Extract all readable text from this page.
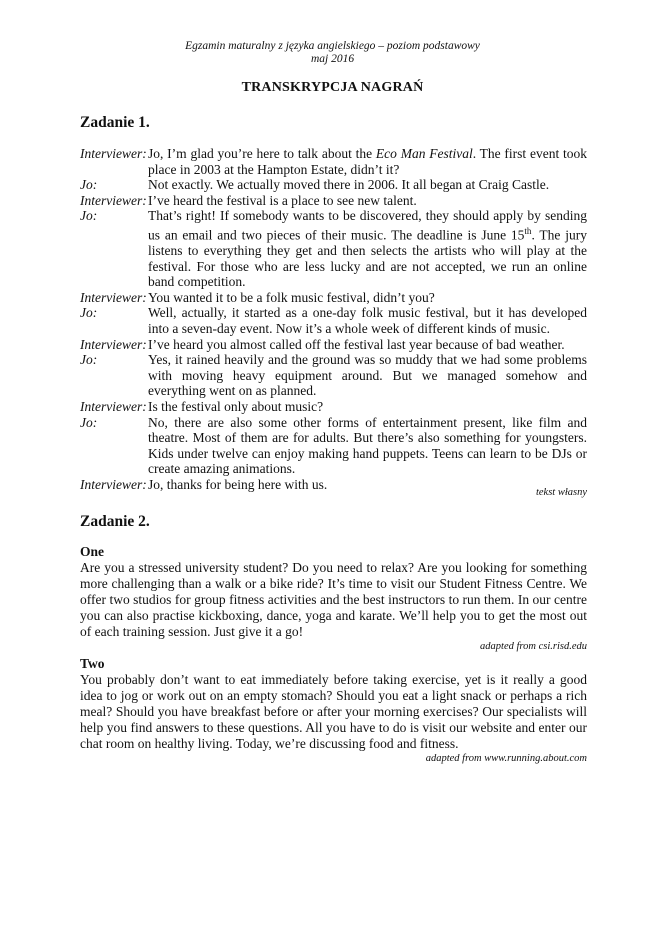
Egzamin maturalny z języka angielskiego – poziom podstawowy
maj 2016
TRANSKRYPCJA NAGRAŃ
Zadanie 1.
Interviewer: Jo, I’m glad you’re here to talk about the Eco Man Festival. The first event took place in 2003 at the Hampton Estate, didn’t it?
Jo:	Not exactly. We actually moved there in 2006. It all began at Craig Castle.
Interviewer: I’ve heard the festival is a place to see new talent.
Jo:	That’s right! If somebody wants to be discovered, they should apply by sending us an email and two pieces of their music. The deadline is June 15th. The jury listens to everything they get and then selects the artists who will play at the festival. For those who are less lucky and are not accepted, we run an online band competition.
Interviewer: You wanted it to be a folk music festival, didn’t you?
Jo:	Well, actually, it started as a one-day folk music festival, but it has developed into a seven-day event. Now it’s a whole week of different kinds of music.
Interviewer: I’ve heard you almost called off the festival last year because of bad weather.
Jo:	Yes, it rained heavily and the ground was so muddy that we had some problems with moving heavy equipment around. But we managed somehow and everything went on as planned.
Interviewer: Is the festival only about music?
Jo:	No, there are also some other forms of entertainment present, like film and theatre. Most of them are for adults. But there’s also something for youngsters. Kids under twelve can enjoy making hand puppets. Teens can learn to be DJs or create amazing animations.
Interviewer: Jo, thanks for being here with us.
tekst własny
Zadanie 2.
One
Are you a stressed university student? Do you need to relax? Are you looking for something more challenging than a walk or a bike ride? It’s time to visit our Student Fitness Centre. We offer two studios for group fitness activities and the best instructors to run them. In our centre you can also practise kickboxing, dance, yoga and karate. We’ll help you to get the most out of each training session. Just give it a go!
adapted from csi.risd.edu
Two
You probably don’t want to eat immediately before taking exercise, yet is it really a good idea to jog or work out on an empty stomach? Should you eat a light snack or perhaps a rich meal? Should you have breakfast before or after your morning exercises? Our specialists will help you find answers to these questions. All you have to do is visit our website and enter our chat room on healthy living. Today, we’re discussing food and fitness.
adapted from www.running.about.com
